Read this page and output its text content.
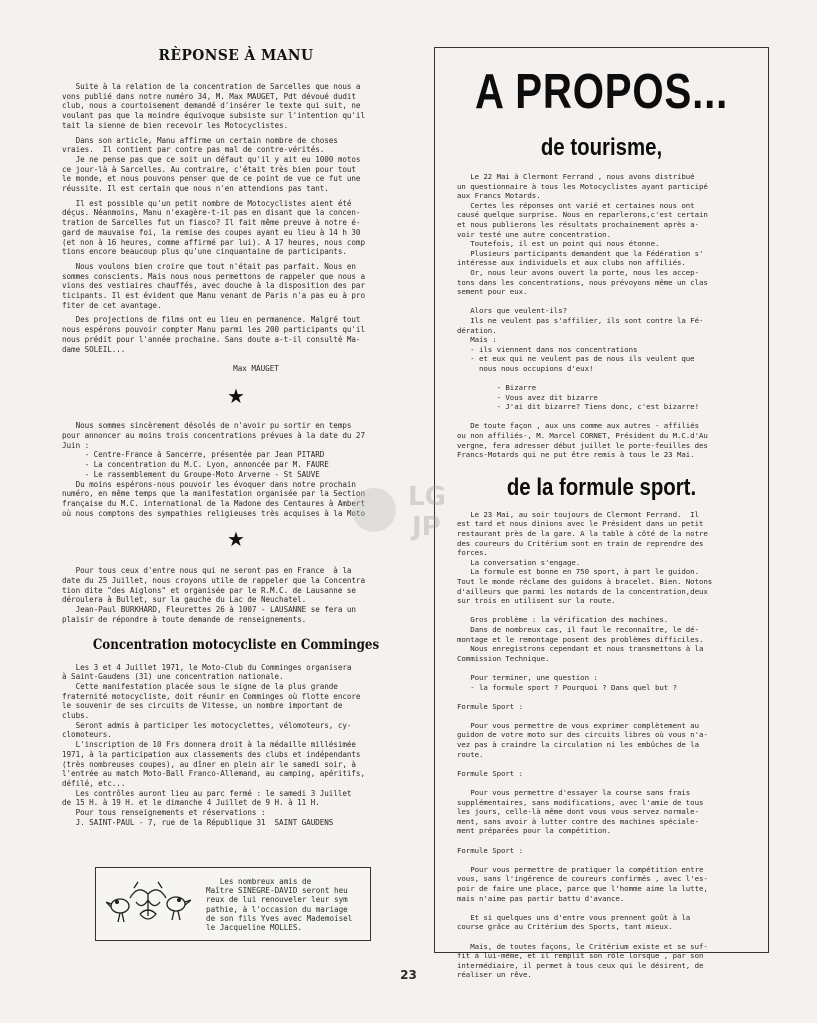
RÈPONSE À MANU
Suite à la relation de la concentration de Sarcelles que nous a
vons publié dans notre numéro 34, M. Max MAUGET, Pdt dévoué dudit
club, nous a courtoisement demandé d'insérer le texte qui suit, ne
voulant pas que la moindre équivoque subsiste sur l'intention qu'il
tait la sienne de bien recevoir les Motocyclistes.
Dans son article, Manu affirme un certain nombre de choses
vraies.  Il contient par contre pas mal de contre-vérités.
Je ne pense pas que ce soit un défaut qu'il y ait eu 1000 motos
ce jour-là à Sarcelles. Au contraire, c'était très bien pour tout
le monde, et nous pouvons penser que de ce point de vue ce fut une
réussite. Il est certain que nous n'en attendions pas tant.
Il est possible qu'un petit nombre de Motocyclistes aient été
déçus. Néanmoins, Manu n'exagère-t-il pas en disant que la concen-
tration de Sarcelles fut un fiasco? Il fait même preuve à notre é-
gard de mauvaise foi, la remise des coupes ayant eu lieu à 14 h 30
(et non à 16 heures, comme affirmé par lui). A 17 heures, nous comp
tions encore beaucoup plus qu'une cinquantaine de participants.
Nous voulons bien croire que tout n'était pas parfait. Nous en
sommes conscients. Mais nous nous permettons de rappeler que nous a
vions des vestiaires chauffés, avec douche à la disposition des par
ticipants. Il est évident que Manu venant de Paris n'a pas eu à pro
fiter de cet avantage.
Des projections de films ont eu lieu en permanence. Malgré tout
nous espérons pouvoir compter Manu parmi les 200 participants qu'il
nous prédit pour l'année prochaine. Sans doute a-t-il consulté Ma-
dame SOLEIL...
Max MAUGET
★
Nous sommes sincèrement désolés de n'avoir pu sortir en temps
pour annoncer au moins trois concentrations prévues à la date du 27
Juin :
- Centre-France à Sancerre, présentée par Jean PITARD
- La concentration du M.C. Lyon, annoncée par M. FAURE
- Le rassemblement du Groupe-Moto Arverne - St SAUVE
Du moins espérons-nous pouvoir les évoquer dans notre prochain
numéro, en même temps que la manifestation organisée par la Section
française du M.C. international de la Madone des Centaures à Ambert
où nous comptons des sympathies religieuses très acquises à la
★
Pour tous ceux d'entre nous qui ne seront pas en France  à la
date du 25 Juillet, nous croyons utile de rappeler que la Concentra
tion dite "des Aiglons" et organisée par le R.M.C. de Lausanne se
déroulera à Bullet, sur la gauche du Lac de Neuchatel.
Jean-Paul BURKHARD, Fleurettes 26 à 1007 - LAUSANNE se fera un
plaisir de répondre à toute demande de renseignements.
Concentration motocycliste en Comminges
Les 3 et 4 Juillet 1971, le Moto-Club du Comminges organisera
à Saint-Gaudens (31) une concentration nationale.
Cette manifestation placée sous le signe de la plus grande
fraternité motocycliste, doit réunir en Comminges où flotte encore
le souvenir de ses circuits de Vitesse, un nombre important de
clubs.
Seront admis à participer les motocyclettes, vélomoteurs, cy-
clomoteurs.
L'inscription de 10 Frs donnera droit à la médaille millésimée
1971, à la participation aux classements des clubs et indépendants
(très nombreuses coupes), au dîner en plein air le samedi soir, à
l'entrée au match Moto-Ball Franco-Allemand, au camping, apéritifs,
défilé, etc...
Les contrôles auront lieu au parc fermé : le samedi 3 Juillet
de 15 H. à 19 H. et le dimanche 4 Juillet de 9 H. à 11 H.
Pour tous renseignements et réservations :
J. SAINT-PAUL - 7, rue de la République 31  SAINT GAUDENS
Les nombreux amis de
Maître SINEGRE-DAVID seront heu
reux de lui renouveler leur sym
pathie, à l'occasion du mariage
de son fils Yves avec Mademoisel
le Jacqueline MOLLES.
A PROPOS...
de tourisme,
Le 22 Mai à Clermont Ferrand , nous avons distribué
un questionnaire à tous les Motocyclistes ayant participé
aux Francs Motards.
Certes les réponses ont varié et certaines nous ont
causé quelque surprise. Nous en reparlerons,c'est certain
et nous publierons les résultats prochainement après a-
voir testé une autre concentration.
Toutefois, il est un point qui nous étonne.
Plusieurs participants demandent que la Fédération s'
intéresse aux individuels et aux clubs non affiliés.
Or, nous leur avons ouvert la porte, nous les accep-
tons dans les concentrations, nous prévoyons même un clas
sement pour eux.

Alors que veulent-ils?
Ils ne veulent pas s'affilier, ils sont contre la Fé-
dération.
Mais :
- ils viennent dans nos concentrations
- et eux qui ne veulent pas de nous ils veulent que
nous nous occupions d'eux!

- Bizarre
- Vous avez dit bizarre
- J'ai dit bizarre? Tiens donc, c'est bizarre!

De toute façon , aux uns comme aux autres - affiliés
ou non affiliés-, M. Marcel CORNET, Président du M.C.d'Au
vergne, fera adresser début juillet le porte-feuilles des
Francs-Motards qui ne put être remis à tous le 23 Mai.
de la formule sport.
Le 23 Mai, au soir toujours de Clermont Ferrand.  Il
est tard et nous dinions avec le Président dans un petit
restaurant près de la gare. A la table à côté de la notre
des coureurs du Critérium sont en train de reprendre des
forces.
La conversation s'engage.
La formule est bonne en 750 sport, à part le guidon.
Tout le monde réclame des guidons à bracelet. Bien. Notons
d'ailleurs que parmi les motards de la concentration,deux
sur trois en utilisent sur la route.

Gros problème : la vérification des machines.
Dans de nombreux cas, il faut le reconnaître, le dé-
montage et le remontage posent des problèmes difficiles.
Nous enregistrons cependant et nous transmettons à la
Commission Technique.

Pour terminer, une question :
- la formule sport ? Pourquoi ? Dans quel but ?

Formule Sport :

Pour vous permettre de vous exprimer complètement au
guidon de votre moto sur des circuits libres où vous n'a-
vez pas à craindre la circulation ni les embûches de la
route.

Formule Sport :

Pour vous permettre d'essayer la course sans frais
supplémentaires, sans modifications, avec l'amie de tous
les jours, celle-là même dont vous vous servez normale-
ment, sans avoir à lutter contre des machines spéciale-
ment préparées pour la compétition.

Formule Sport :

Pour vous permettre de pratiquer la compétition entre
vous, sans l'ingérence de coureurs confirmés , avec l'es-
poir de faire une place, parce que l'homme aime la lutte,
mais n'aime pas partir battu d'avance.

Et si quelques uns d'entre vous prennent goût à la
course grâce au Critérium des Sports, tant mieux.

Mais, de toutes façons, le Critérium existe et se suf-
fit à lui-même, et il remplit son rôle lorsque , par son
intermédiaire, il permet à tous ceux qui le désirent, de
réaliser un rêve.
LG
JP
23
